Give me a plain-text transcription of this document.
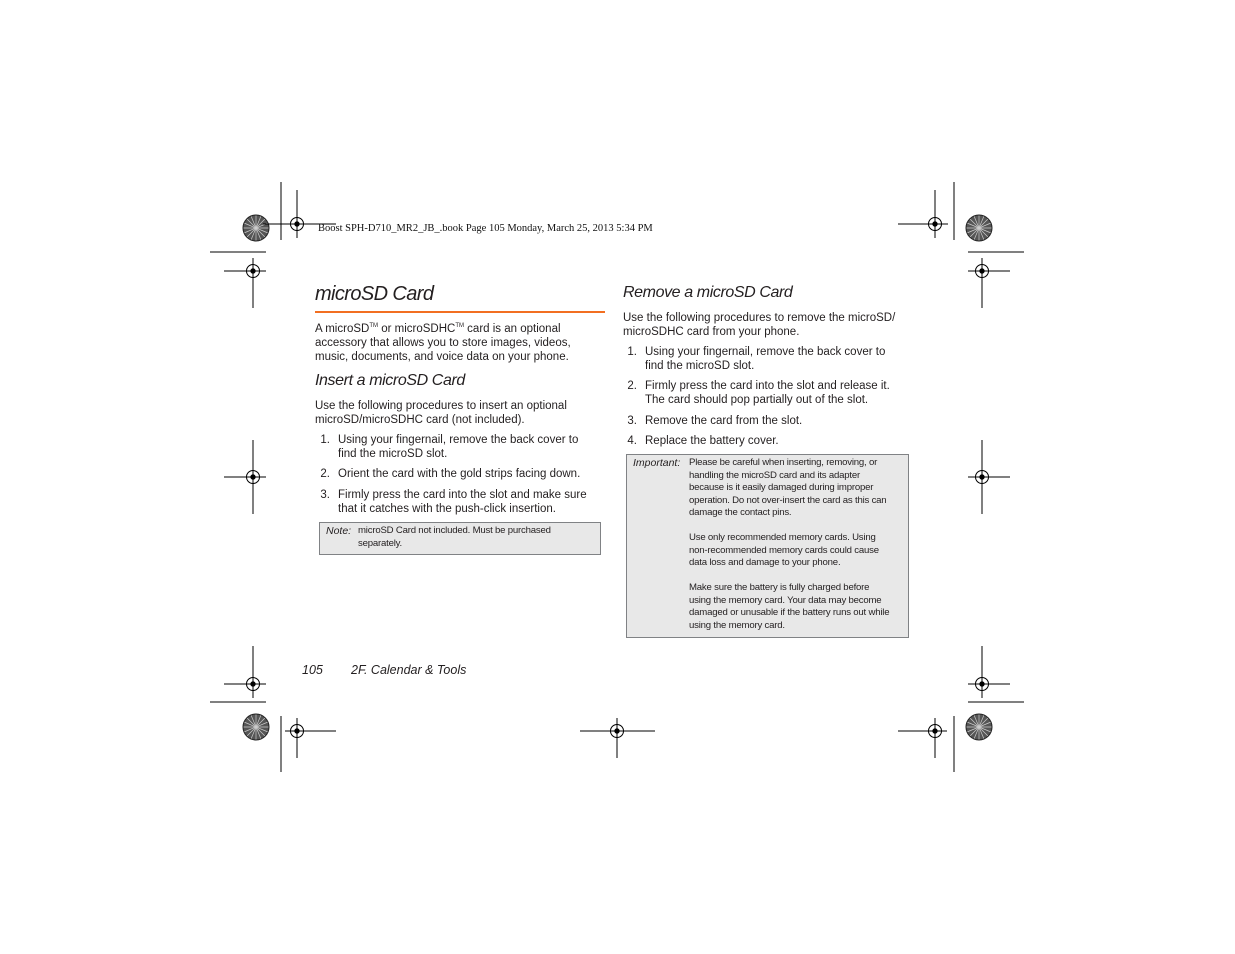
Boost SPH-D710_MR2_JB_.book Page 105 Monday, March 25, 2013 5:34 PM
microSD Card
A microSD™ or microSDHC™ card is an optional
accessory that allows you to store images, videos,
music, documents, and voice data on your phone.
Insert a microSD Card
Use the following procedures to insert an optional
microSD/microSDHC card (not included).
1. Using your fingernail, remove the back cover to
find the microSD slot.
2. Orient the card with the gold strips facing down.
3. Firmly press the card into the slot and make sure
that it catches with the push-click insertion.
Note: microSD Card not included. Must be purchased
separately.
Remove a microSD Card
Use the following procedures to remove the microSD/
microSDHC card from your phone.
1. Using your fingernail, remove the back cover to
find the microSD slot.
2. Firmly press the card into the slot and release it.
The card should pop partially out of the slot.
3. Remove the card from the slot.
4. Replace the battery cover.
Important: Please be careful when inserting, removing, or
handling the microSD card and its adapter
because is it easily damaged during improper
operation. Do not over-insert the card as this can
damage the contact pins.
Use only recommended memory cards. Using
non-recommended memory cards could cause
data loss and damage to your phone.
Make sure the battery is fully charged before
using the memory card. Your data may become
damaged or unusable if the battery runs out while
using the memory card.
105 2F. Calendar & Tools
